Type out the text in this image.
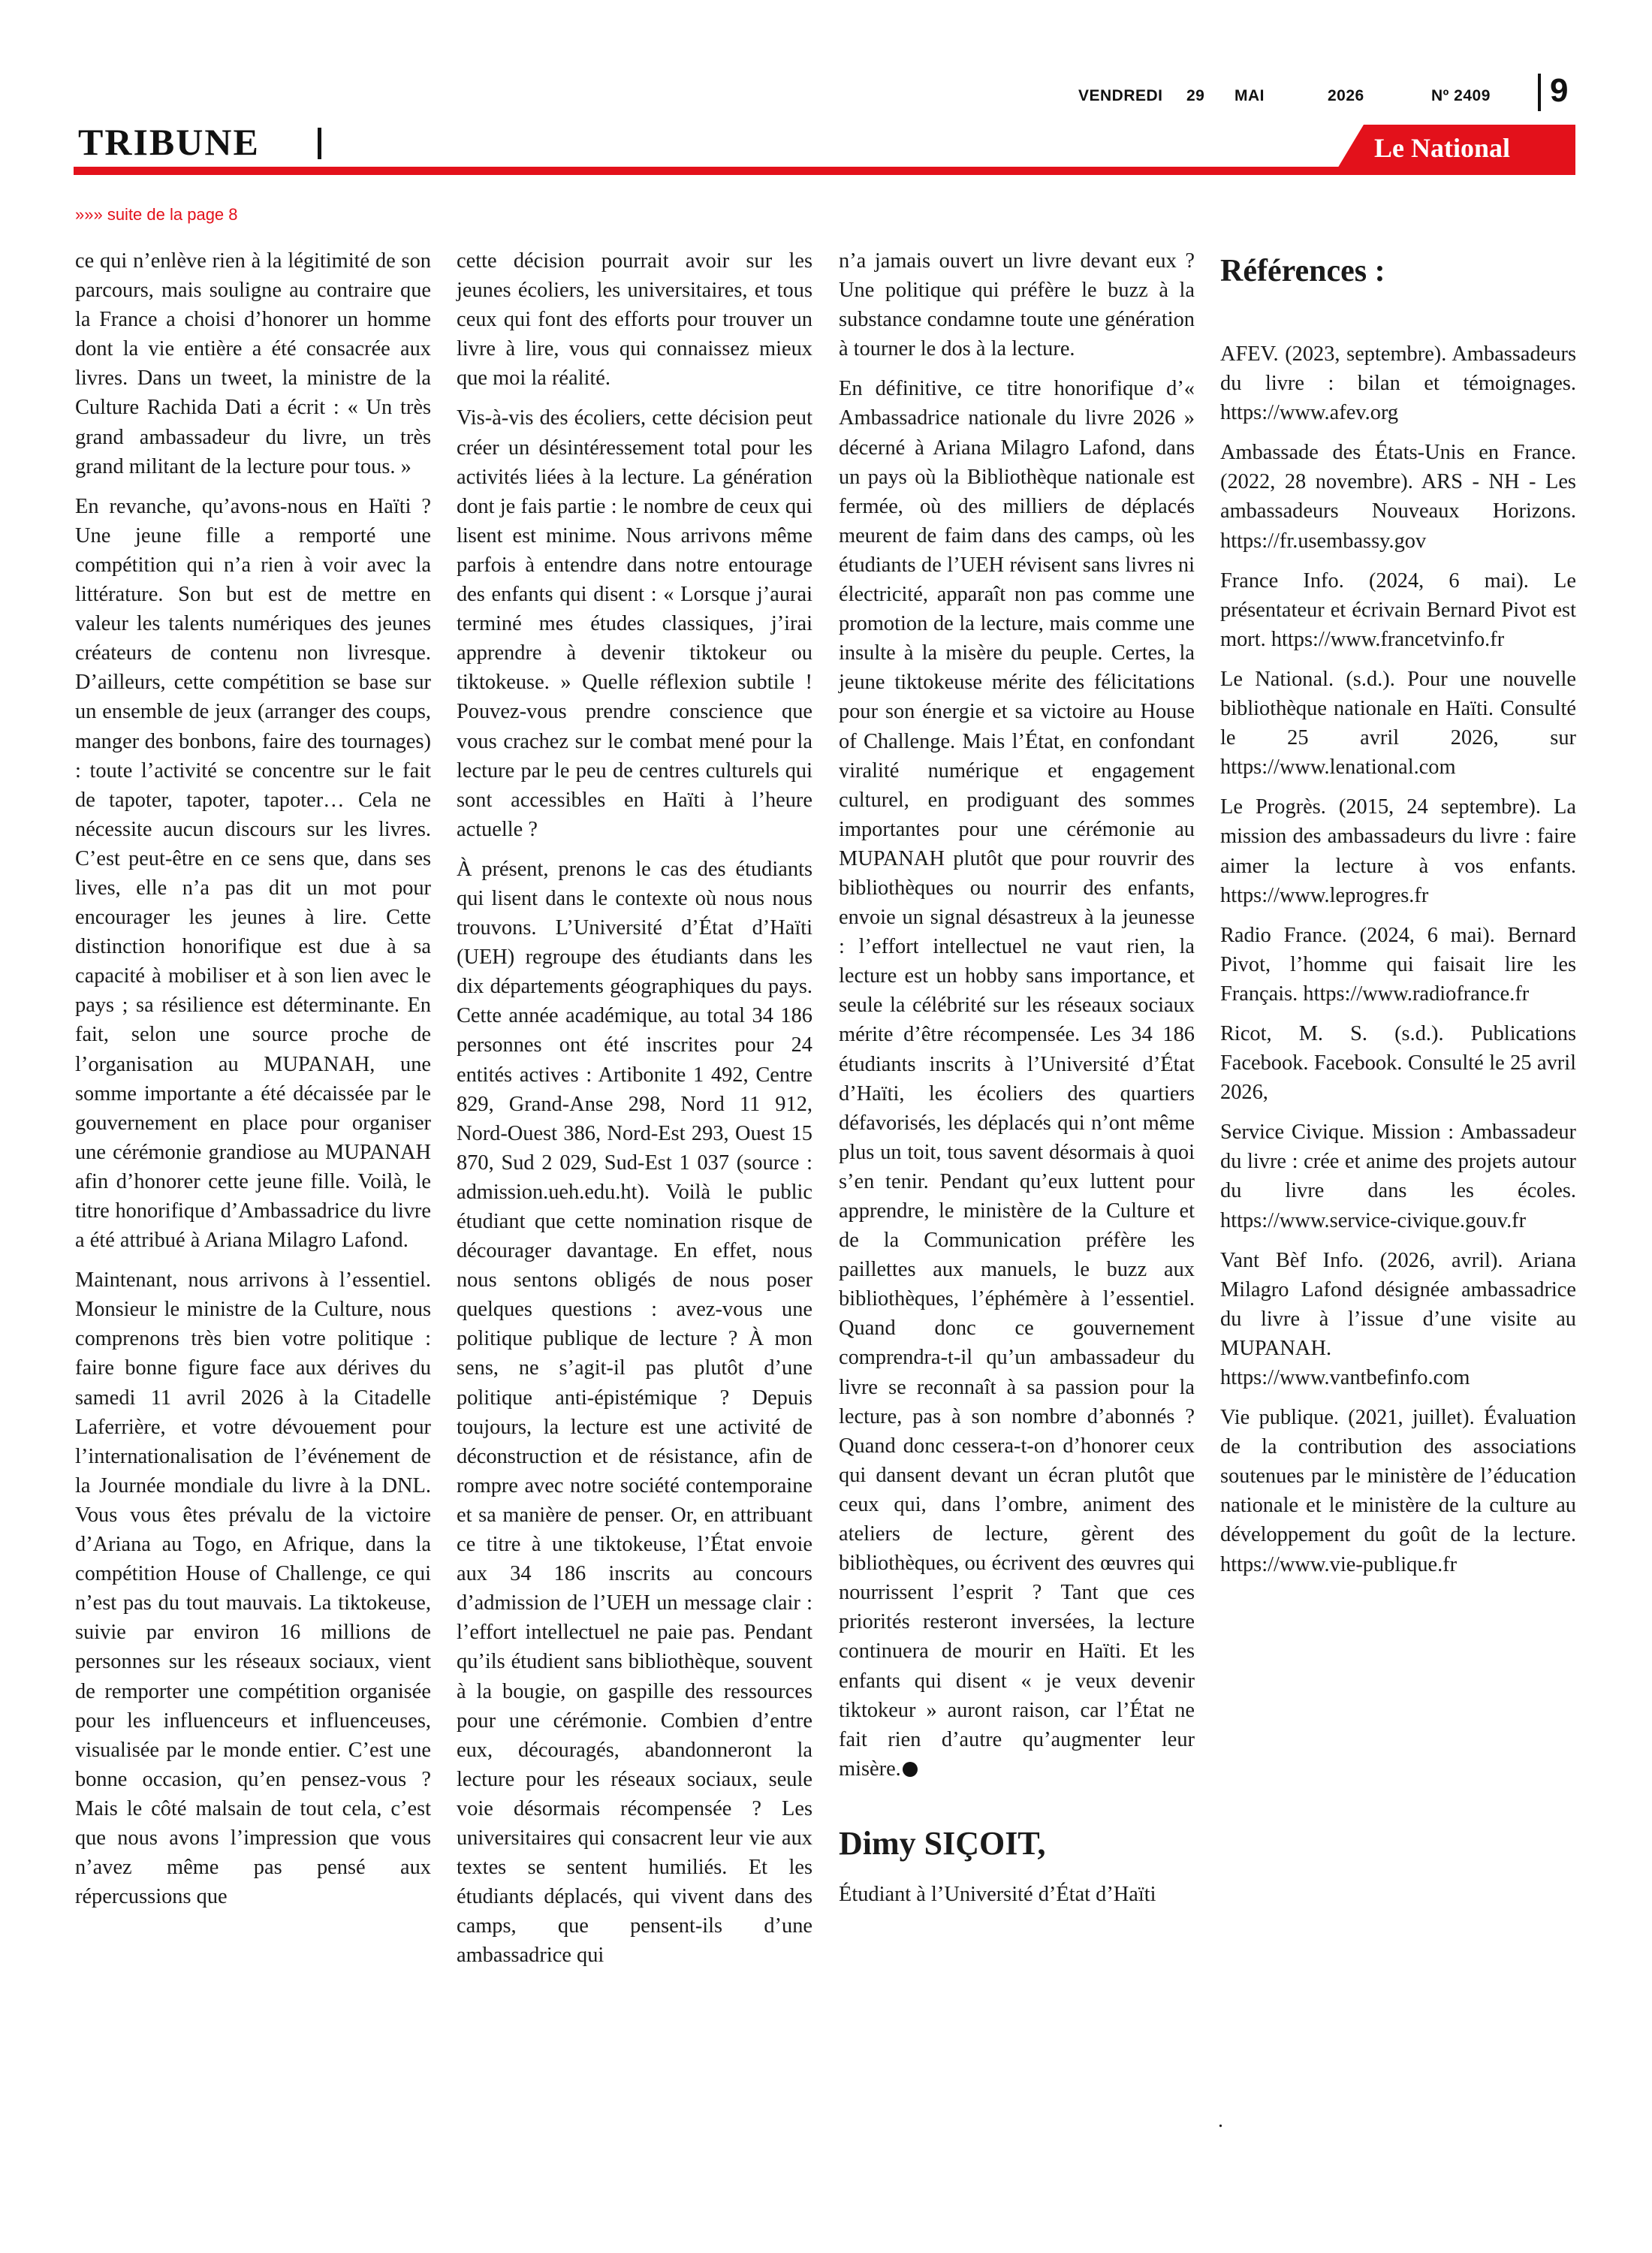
VENDREDI 29 MAI	2026	Nº 2409 9
TRIBUNE	Le National
»»» suite de la page 8

ce qui n’enlève rien à la légitimité de son parcours, mais souligne au contraire que la France a choisi d’honorer un homme dont la vie entière a été consacrée aux livres. Dans un tweet, la ministre de la Culture Rachida Dati a écrit : « Un très grand ambassadeur du livre, un très grand militant de la lecture pour tous. »

En revanche, qu’avons-nous en Haïti ? Une jeune fille a remporté une compétition qui n’a rien à voir avec la littérature. Son but est de mettre en valeur les talents numériques des jeunes créateurs de contenu non livresque. D’ailleurs, cette compétition se base sur un ensemble de jeux (arranger des coups, manger des bonbons, faire des tournages) : toute l’activité se concentre sur le fait de tapoter, tapoter, tapoter… Cela ne nécessite aucun discours sur les livres. C’est peut-être en ce sens que, dans ses lives, elle n’a pas dit un mot pour encourager les jeunes à lire. Cette distinction honorifique est due à sa capacité à mobiliser et à son lien avec le pays ; sa résilience est déterminante. En fait, selon une source proche de l’organisation au MUPANAH, une somme importante a été décaissée par le gouvernement en place pour organiser une cérémonie grandiose au MUPANAH afin d’honorer cette jeune fille. Voilà, le titre honorifique d’Ambassadrice du livre a été attribué à Ariana Milagro Lafond.

Maintenant, nous arrivons à l’essentiel. Monsieur le ministre de la Culture, nous comprenons très bien votre politique : faire bonne figure face aux dérives du samedi 11 avril 2026 à la Citadelle Laferrière, et votre dévouement pour l’internationalisation de l’événement de la Journée mondiale du livre à la DNL. Vous vous êtes prévalu de la victoire d’Ariana au Togo, en Afrique, dans la compétition House of Challenge, ce qui n’est pas du tout mauvais. La tiktokeuse, suivie par environ 16 millions de personnes sur les réseaux sociaux, vient de remporter une compétition organisée pour les influenceurs et influenceuses, visualisée par le monde entier. C’est une bonne occasion, qu’en pensez-vous ? Mais le côté malsain de tout cela, c’est que nous avons l’impression que vous n’avez même pas pensé aux répercussions que

cette décision pourrait avoir sur les jeunes écoliers, les universitaires, et tous ceux qui font des efforts pour trouver un livre à lire, vous qui connaissez mieux que moi la réalité.

Vis-à-vis des écoliers, cette décision peut créer un désintéressement total pour les activités liées à la lecture. La génération dont je fais partie : le nombre de ceux qui lisent est minime. Nous arrivons même parfois à entendre dans notre entourage des enfants qui disent : « Lorsque j’aurai terminé mes études classiques, j’irai apprendre à devenir tiktokeur ou tiktokeuse. » Quelle réflexion subtile ! Pouvez-vous prendre conscience que vous crachez sur le combat mené pour la lecture par le peu de centres culturels qui sont accessibles en Haïti à l’heure actuelle ?

À présent, prenons le cas des étudiants qui lisent dans le contexte où nous nous trouvons. L’Université d’État d’Haïti (UEH) regroupe des étudiants dans les dix départements géographiques du pays. Cette année académique, au total 34 186 personnes ont été inscrites pour 24 entités actives : Artibonite 1 492, Centre 829, Grand-Anse 298, Nord 11 912, Nord-Ouest 386, Nord-Est 293, Ouest 15 870, Sud 2 029, Sud-Est 1 037 (source : admission.ueh.edu.ht). Voilà le public étudiant que cette nomination risque de décourager davantage. En effet, nous nous sentons obligés de nous poser quelques questions : avez-vous une politique publique de lecture ? À mon sens, ne s’agit-il pas plutôt d’une politique anti-épistémique ? Depuis toujours, la lecture est une activité de déconstruction et de résistance, afin de rompre avec notre société contemporaine et sa manière de penser. Or, en attribuant ce titre à une tiktokeuse, l’État envoie aux 34 186 inscrits au concours d’admission de l’UEH un message clair : l’effort intellectuel ne paie pas. Pendant qu’ils étudient sans bibliothèque, souvent à la bougie, on gaspille des ressources pour une cérémonie. Combien d’entre eux, découragés, abandonneront la lecture pour les réseaux sociaux, seule voie désormais récompensée ? Les universitaires qui consacrent leur vie aux textes se sentent humiliés. Et les étudiants déplacés, qui vivent dans des camps, que pensent-ils d’une ambassadrice qui

n’a jamais ouvert un livre devant eux ? Une politique qui préfère le buzz à la substance condamne toute une génération à tourner le dos à la lecture.

En définitive, ce titre honorifique d’« Ambassadrice nationale du livre 2026 » décerné à Ariana Milagro Lafond, dans un pays où la Bibliothèque nationale est fermée, où des milliers de déplacés meurent de faim dans des camps, où les étudiants de l’UEH révisent sans livres ni électricité, apparaît non pas comme une promotion de la lecture, mais comme une insulte à la misère du peuple. Certes, la jeune tiktokeuse mérite des félicitations pour son énergie et sa victoire au House of Challenge. Mais l’État, en confondant viralité numérique et engagement culturel, en prodiguant des sommes importantes pour une cérémonie au MUPANAH plutôt que pour rouvrir des bibliothèques ou nourrir des enfants, envoie un signal désastreux à la jeunesse : l’effort intellectuel ne vaut rien, la lecture est un hobby sans importance, et seule la célébrité sur les réseaux sociaux mérite d’être récompensée. Les 34 186 étudiants inscrits à l’Université d’État d’Haïti, les écoliers des quartiers défavorisés, les déplacés qui n’ont même plus un toit, tous savent désormais à quoi s’en tenir. Pendant qu’eux luttent pour apprendre, le ministère de la Culture et de la Communication préfère les paillettes aux manuels, le buzz aux bibliothèques, l’éphémère à l’essentiel. Quand donc ce gouvernement comprendra-t-il qu’un ambassadeur du livre se reconnaît à sa passion pour la lecture, pas à son nombre d’abonnés ? Quand donc cessera-t-on d’honorer ceux qui dansent devant un écran plutôt que ceux qui, dans l’ombre, animent des ateliers de lecture, gèrent des bibliothèques, ou écrivent des œuvres qui nourrissent l’esprit ? Tant que ces priorités resteront inversées, la lecture continuera de mourir en Haïti. Et les enfants qui disent « je veux devenir tiktokeur » auront raison, car l’État ne fait rien d’autre qu’augmenter leur misère.

Dimy SIÇOIT,

Étudiant à l’Université d’État d’Haïti

Références :

AFEV. (2023, septembre). Ambassadeurs du livre : bilan et témoignages. https://www.afev.org

Ambassade des États-Unis en France. (2022, 28 novembre). ARS - NH - Les ambassadeurs Nouveaux Horizons. https://fr.usembassy.gov

France Info. (2024, 6 mai). Le présentateur et écrivain Bernard Pivot est mort. https://www.francetvinfo.fr

Le National. (s.d.). Pour une nouvelle bibliothèque nationale en Haïti. Consulté le 25 avril 2026, sur https://www.lenational.com

Le Progrès. (2015, 24 septembre). La mission des ambassadeurs du livre : faire aimer la lecture à vos enfants. https://www.leprogres.fr

Radio France. (2024, 6 mai). Bernard Pivot, l’homme qui faisait lire les Français. https://www.radiofrance.fr

Ricot, M. S. (s.d.). Publications Facebook. Facebook. Consulté le 25 avril 2026,

Service Civique. Mission : Ambassadeur du livre : crée et anime des projets autour du livre dans les écoles. https://www.service-civique.gouv.fr

Vant Bèf Info. (2026, avril). Ariana Milagro Lafond désignée ambassadrice du livre à l’issue d’une visite au MUPANAH. https://www.vantbefinfo.com

Vie publique. (2021, juillet). Évaluation de la contribution des associations soutenues par le ministère de l’éducation nationale et le ministère de la culture au développement du goût de la lecture. https://www.vie-publique.fr

.
